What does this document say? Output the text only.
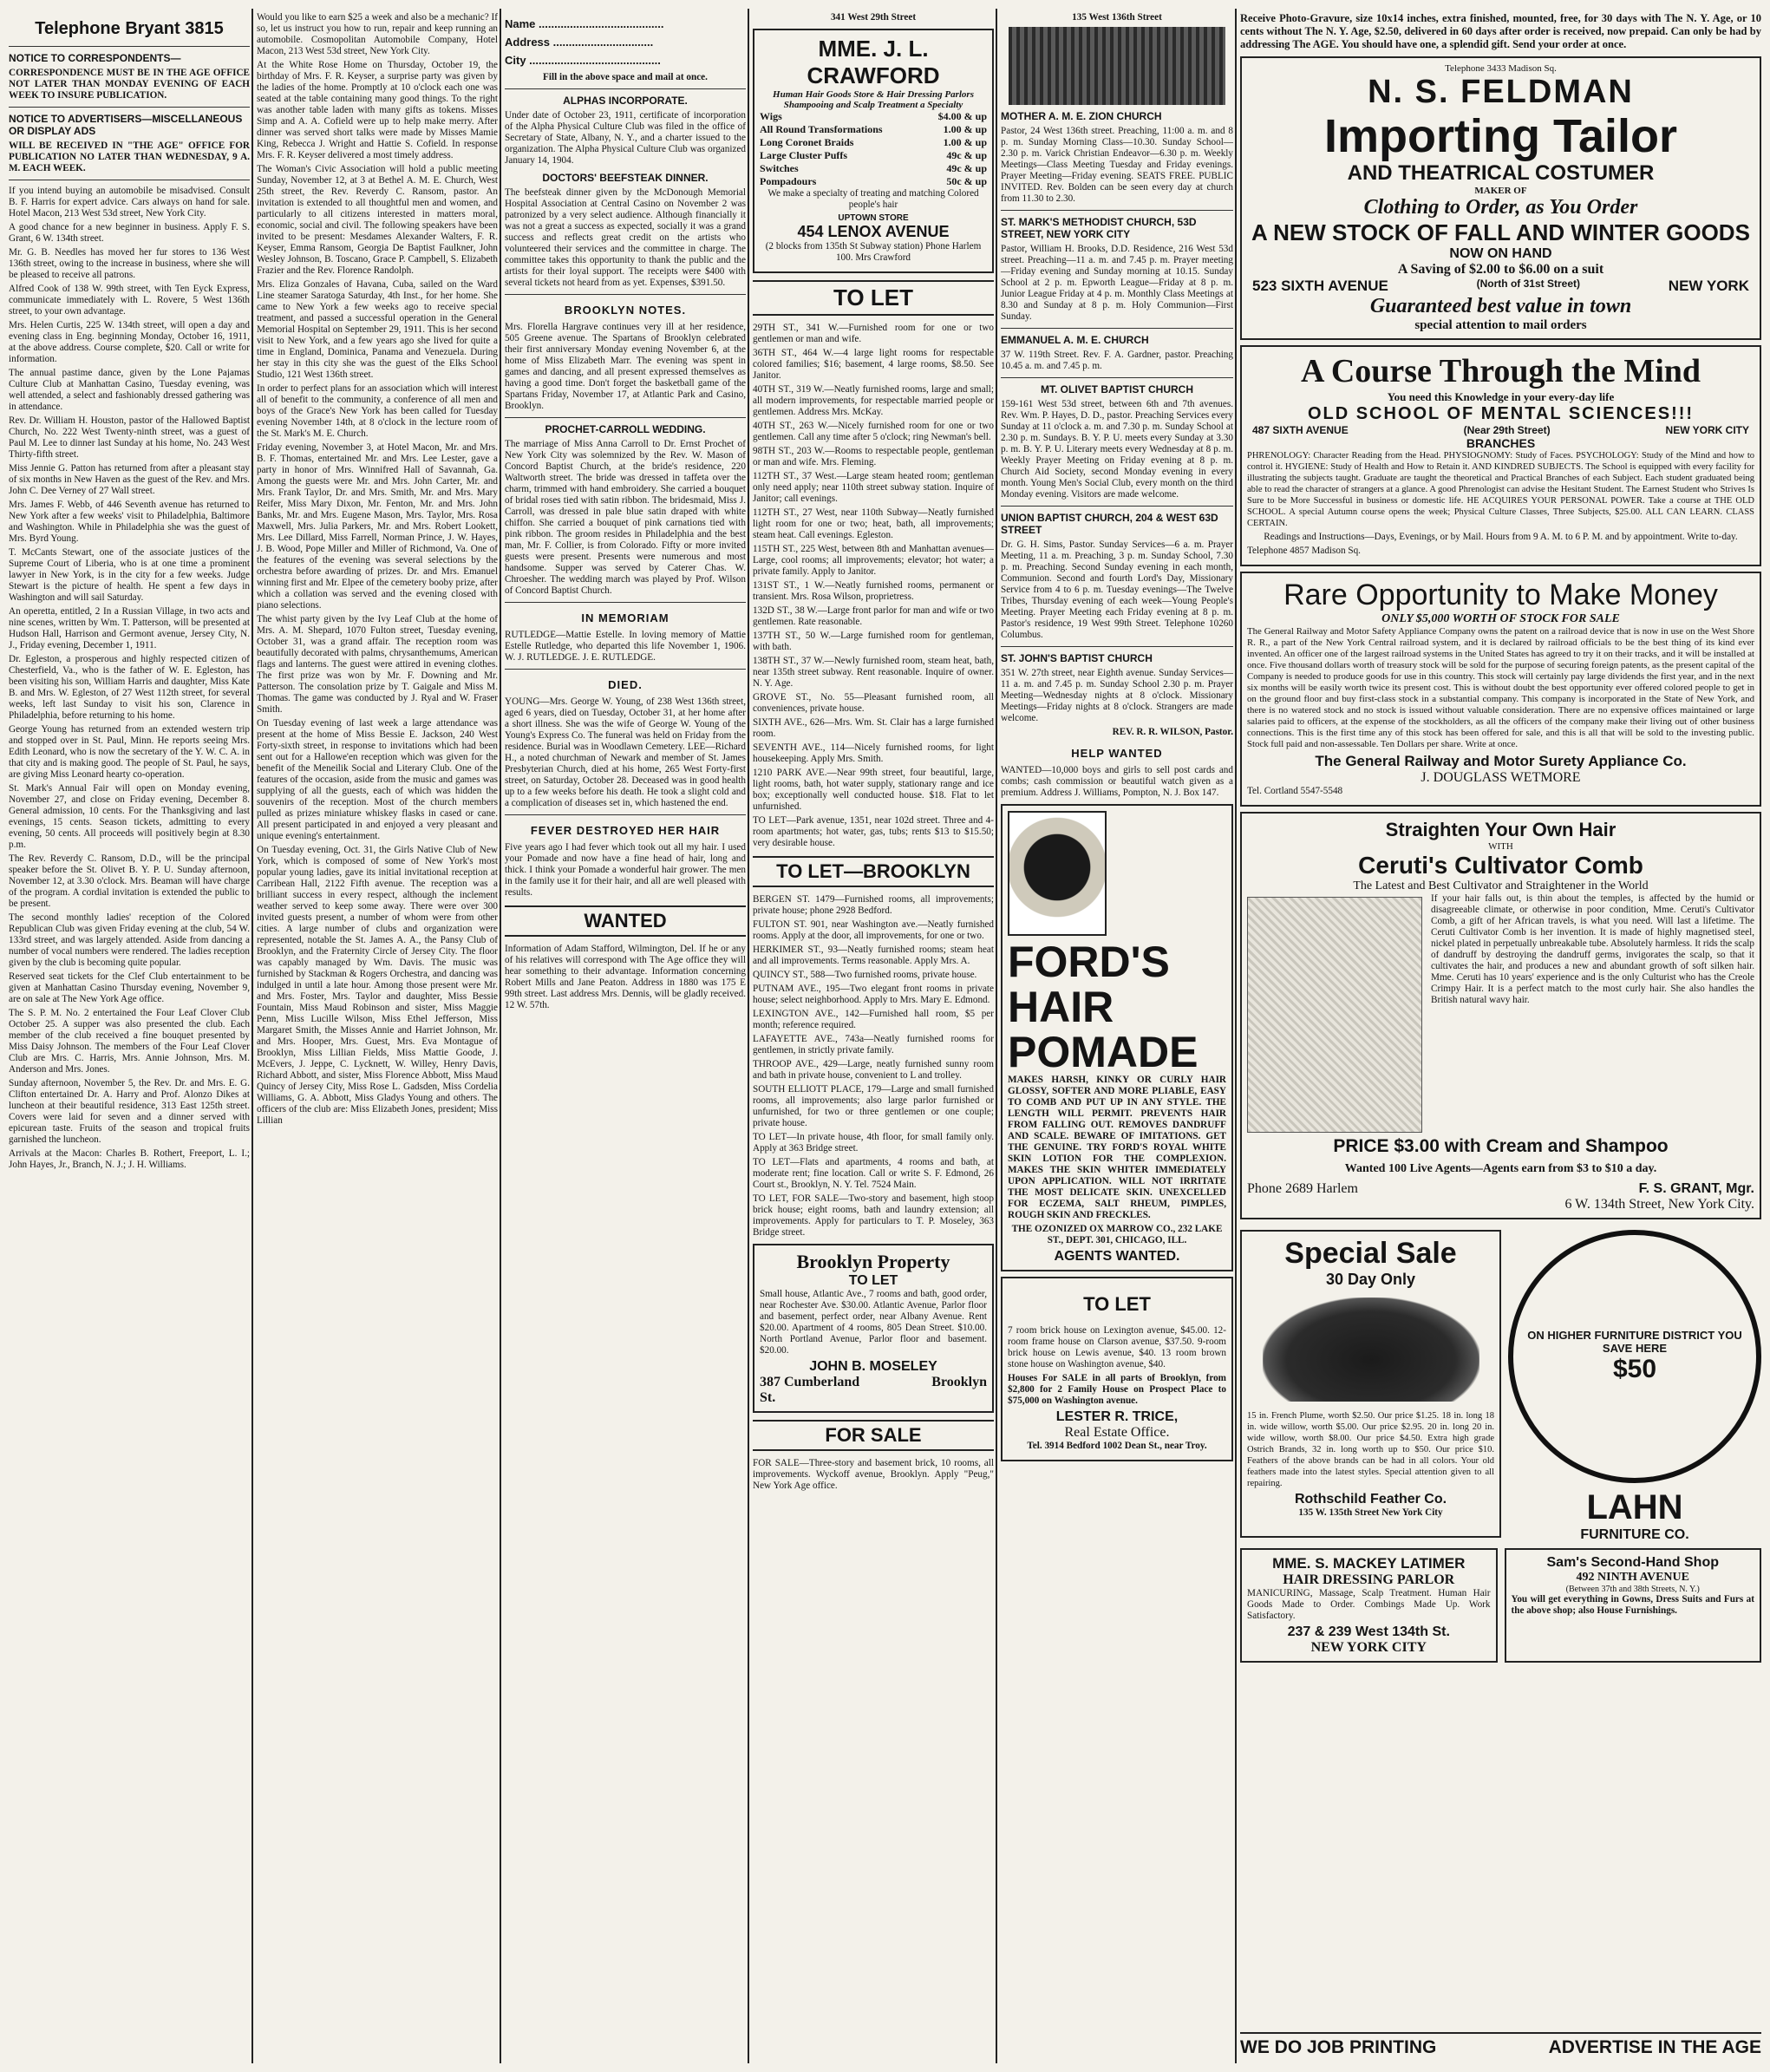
Telephone Bryant 3815
NOTICE TO CORRESPONDENTS—

CORRESPONDENCE MUST BE IN THE AGE OFFICE NOT LATER THAN MONDAY EVENING OF EACH WEEK TO INSURE PUBLICATION.

NOTICE TO ADVERTISERS—MISCELLANEOUS OR DISPLAY ADS

WILL BE RECEIVED IN "THE AGE" OFFICE FOR PUBLICATION NO LATER THAN WEDNESDAY, 9 A. M. EACH WEEK.

If you intend buying an automobile be misadvised. Consult B. F. Harris for expert advice. Cars always on hand for sale. Hotel Macon, 213 West 53d street, New York City.

A good chance for a new beginner in business. Apply F. S. Grant, 6 W. 134th street.

Mr. G. B. Needles has moved her fur stores to 136 West 136th street, owing to the increase in business, where she will be pleased to receive all patrons.

Alfred Cook of 138 W. 99th street, with Ten Eyck Express, communicate immediately with L. Rovere, 5 West 136th street, to your own advantage.

Mrs. Helen Curtis, 225 W. 134th street, will open a day and evening class in Eng. beginning Monday, October 16, 1911, at the above address. Course complete, $20. Call or write for information.

The annual pastime dance, given by the Lone Pajamas Culture Club at Manhattan Casino, Tuesday evening, was well attended, a select and fashionably dressed gathering was in attendance.

Rev. Dr. William H. Houston, pastor of the Hallowed Baptist Church, No. 222 West Twenty-ninth street, was a guest of Paul M. Lee to dinner last Sunday at his home, No. 243 West Thirty-fifth street.

Miss Jennie G. Patton has returned from after a pleasant stay of six months in New Haven as the guest of the Rev. and Mrs. John C. Dee Verney of 27 Wall street.

Mrs. James F. Webb, of 446 Seventh avenue has returned to New York after a few weeks' visit to Philadelphia, Baltimore and Washington. While in Philadelphia she was the guest of Mrs. Byrd Young.

T. McCants Stewart, one of the associate justices of the Supreme Court of Liberia, who is at one time a prominent lawyer in New York, is in the city for a few weeks. Judge Stewart is the picture of health. He spent a few days in Washington and will sail Saturday.

An operetta, entitled, 2 In a Russian Village, in two acts and nine scenes, written by Wm. T. Patterson, will be presented at Hudson Hall, Harrison and Germont avenue, Jersey City, N. J., Friday evening, December 1, 1911.

Dr. Egleston, a prosperous and highly respected citizen of Chesterfield, Va., who is the father of W. E. Egleston, has been visiting his son, William Harris and daughter, Miss Kate B. and Mrs. W. Egleston, of 27 West 112th street, for several weeks, left last Sunday to visit his son, Clarence in Philadelphia, before returning to his home.

George Young has returned from an extended western trip and stopped over in St. Paul, Minn. He reports seeing Mrs. Edith Leonard, who is now the secretary of the Y. W. C. A. in that city and is making good. The people of St. Paul, he says, are giving Miss Leonard hearty co-operation.

St. Mark's Annual Fair will open on Monday evening, November 27, and close on Friday evening, December 8. General admission, 10 cents. For the Thanksgiving and last evenings, 15 cents. Season tickets, admitting to every evening, 50 cents. All proceeds will positively begin at 8.30 p.m.

The Rev. Reverdy C. Ransom, D.D., will be the principal speaker before the St. Olivet B. Y. P. U. Sunday afternoon, November 12, at 3.30 o'clock. Mrs. Beaman will have charge of the program. A cordial invitation is extended the public to be present.

The second monthly ladies' reception of the Colored Republican Club was given Friday evening at the club, 54 W. 133rd street, and was largely attended. Aside from dancing a number of vocal numbers were rendered. The ladies reception given by the club is becoming quite popular.

Reserved seat tickets for the Clef Club entertainment to be given at Manhattan Casino Thursday evening, November 9, are on sale at The New York Age office.

The S. P. M. No. 2 entertained the Four Leaf Clover Club October 25. A supper was also presented the club. Each member of the club received a fine bouquet presented by Miss Daisy Johnson. The members of the Four Leaf Clover Club are Mrs. C. Harris, Mrs. Annie Johnson, Mrs. M. Anderson and Mrs. Jones.

Sunday afternoon, November 5, the Rev. Dr. and Mrs. E. G. Clifton entertained Dr. A. Harry and Prof. Alonzo Dikes at luncheon at their beautiful residence, 313 East 125th street. Covers were laid for seven and a dinner served with epicurean taste. Fruits of the season and tropical fruits garnished the luncheon.

Arrivals at the Macon: Charles B. Rothert, Freeport, L. I.; John Hayes, Jr., Branch, N. J.; J. H. Williams.

Would you like to earn $25 a week and also be a mechanic? If so, let us instruct you how to run, repair and keep running an automobile. Cosmopolitan Automobile Company, Hotel Macon, 213 West 53d street, New York City.

At the White Rose Home on Thursday, October 19, the birthday of Mrs. F. R. Keyser, a surprise party was given by the ladies of the home. Promptly at 10 o'clock each one was seated at the table containing many good things. To the right was another table laden with many gifts as tokens. Misses Simp and A. A. Cofield were up to help make merry. After dinner was served short talks were made by Misses Mamie King, Rebecca J. Wright and Hattie S. Cofield. In response Mrs. F. R. Keyser delivered a most timely address.

The Woman's Civic Association will hold a public meeting Sunday, November 12, at 3 at Bethel A. M. E. Church, West 25th street, the Rev. Reverdy C. Ransom, pastor. An invitation is extended to all thoughtful men and women, and particularly to all citizens interested in matters moral, economic, social and civil. The following speakers have been invited to be present: Mesdames Alexander Walters, F. R. Keyser, Emma Ransom, Georgia De Baptist Faulkner, John Wesley Johnson, B. Toscano, Grace P. Campbell, S. Elizabeth Frazier and the Rev. Florence Randolph.

Mrs. Eliza Gonzales of Havana, Cuba, sailed on the Ward Line steamer Saratoga Saturday, 4th Inst., for her home. She came to New York a few weeks ago to receive special treatment, and passed a successful operation in the General Memorial Hospital on September 29, 1911. This is her second visit to New York, and a few years ago she lived for quite a time in England, Dominica, Panama and Venezuela. During her stay in this city she was the guest of the Elks School Studio, 121 West 136th street.

In order to perfect plans for an association which will interest all of benefit to the community, a conference of all men and boys of the Grace's New York has been called for Tuesday evening November 14th, at 8 o'clock in the lecture room of the St. Mark's M. E. Church.

Friday evening, November 3, at Hotel Macon, Mr. and Mrs. B. F. Thomas, entertained Mr. and Mrs. Lee Lester, gave a party in honor of Mrs. Winnifred Hall of Savannah, Ga. Among the guests were Mr. and Mrs. John Carter, Mr. and Mrs. Frank Taylor, Dr. and Mrs. Smith, Mr. and Mrs. Mary Reifer, Miss Mary Dixon, Mr. Fenton, Mr. and Mrs. John Banks, Mr. and Mrs. Eugene Mason, Mrs. Taylor, Mrs. Rosa Maxwell, Mrs. Julia Parkers, Mr. and Mrs. Robert Lookett, Mrs. Lee Dillard, Miss Farrell, Norman Prince, J. W. Hayes, J. B. Wood, Pope Miller and Miller of Richmond, Va. One of the features of the evening was several selections by the orchestra before awarding of prizes. Dr. and Mrs. Emanuel winning first and Mr. Elpee of the cemetery booby prize, after which a collation was served and the evening closed with piano selections.

The whist party given by the Ivy Leaf Club at the home of Mrs. A. M. Shepard, 1070 Fulton street, Tuesday evening, October 31, was a grand affair. The reception room was beautifully decorated with palms, chrysanthemums, American flags and lanterns. The guest were attired in evening clothes. The first prize was won by Mr. F. Downing and Mr. Patterson. The consolation prize by T. Gaigale and Miss M. Thomas. The game was conducted by J. Ryal and W. Fraser Smith.

On Tuesday evening of last week a large attendance was present at the home of Miss Bessie E. Jackson, 240 West Forty-sixth street, in response to invitations which had been sent out for a Hallowe'en reception which was given for the benefit of the Meneilik Social and Literary Club. One of the features of the occasion, aside from the music and games was supplying of all the guests, each of which was hidden the souvenirs of the reception. Most of the church members pulled as prizes miniature whiskey flasks in cased or cane. All present participated in and enjoyed a very pleasant and unique evening's entertainment.

On Tuesday evening, Oct. 31, the Girls Native Club of New York, which is composed of some of New York's most popular young ladies, gave its initial invitational reception at Carribean Hall, 2122 Fifth avenue. The reception was a brilliant success in every respect, although the inclement weather served to keep some away. There were over 300 invited guests present, a number of whom were from other cities. A large number of clubs and organization were represented, notable the St. James A. A., the Pansy Club of Brooklyn, and the Fraternity Circle of Jersey City. The floor was capably managed by Wm. Davis. The music was furnished by Stackman & Rogers Orchestra, and dancing was indulged in until a late hour. Among those present were Mr. and Mrs. Foster, Mrs. Taylor and daughter, Miss Bessie Fountain, Miss Maud Robinson and sister, Miss Maggie Penn, Miss Lucille Wilson, Miss Ethel Jefferson, Miss Margaret Smith, the Misses Annie and Harriet Johnson, Mr. and Mrs. Hooper, Mrs. Guest, Mrs. Eva Montague of Brooklyn, Miss Lillian Fields, Miss Mattie Goode, J. McEvers, J. Jeppe, C. Lycknett, W. Willey, Henry Davis, Richard Abbott, and sister, Miss Florence Abbott, Miss Maud Quincy of Jersey City, Miss Rose L. Gadsden, Miss Cordelia Williams, G. A. Abbott, Miss Gladys Young and others. The officers of the club are: Miss Elizabeth Jones, president; Miss Lillian

Name ........................................
Address ................................
City ..........................................

Fill in the above space and mail at once.

ALPHAS INCORPORATE.

Under date of October 23, 1911, certificate of incorporation of the Alpha Physical Culture Club was filed in the office of Secretary of State, Albany, N. Y., and a charter issued to the organization. The Alpha Physical Culture Club was organized January 14, 1904.

DOCTORS' BEEFSTEAK DINNER.

The beefsteak dinner given by the McDonough Memorial Hospital Association at Central Casino on November 2 was patronized by a very select audience. Although financially it was not a great a success as expected, socially it was a grand success and reflects great credit on the artists who volunteered their services and the committee in charge. The committee takes this opportunity to thank the public and the artists for their loyal support. The receipts were $400 with several tickets not heard from as yet. Expenses, $391.50.

BROOKLYN NOTES.

Mrs. Florella Hargrave continues very ill at her residence, 505 Greene avenue. The Spartans of Brooklyn celebrated their first anniversary Monday evening November 6, at the home of Miss Elizabeth Marr. The evening was spent in games and dancing, and all present expressed themselves as having a good time. Don't forget the basketball game of the Spartans Friday, November 17, at Atlantic Park and Casino, Brooklyn.

PROCHET-CARROLL WEDDING.

The marriage of Miss Anna Carroll to Dr. Ernst Prochet of New York City was solemnized by the Rev. W. Mason of Concord Baptist Church, at the bride's residence, 220 Waltworth street. The bride was dressed in taffeta over the charm, trimmed with hand embroidery. She carried a bouquet of bridal roses tied with satin ribbon. The bridesmaid, Miss J. Carroll, was dressed in pale blue satin draped with white chiffon. She carried a bouquet of pink carnations tied with pink ribbon. The groom resides in Philadelphia and the best man, Mr. F. Collier, is from Colorado. Fifty or more invited guests were present. Presents were numerous and most handsome. Supper was served by Caterer Chas. W. Chroesher. The wedding march was played by Prof. Wilson of Concord Baptist Church.

IN MEMORIAM

RUTLEDGE—Mattie Estelle. In loving memory of Mattie Estelle Rutledge, who departed this life November 1, 1906. W. J. RUTLEDGE. J. E. RUTLEDGE.

DIED.

YOUNG—Mrs. George W. Young, of 238 West 136th street, aged 6 years, died on Tuesday, October 31, at her home after a short illness. She was the wife of George W. Young of the Young's Express Co. The funeral was held on Friday from the residence. Burial was in Woodlawn Cemetery. LEE—Richard H., a noted churchman of Newark and member of St. James Presbyterian Church, died at his home, 265 West Forty-first street, on Saturday, October 28. Deceased was in good health up to a few weeks before his death. He took a slight cold and a complication of diseases set in, which hastened the end.

FEVER DESTROYED HER HAIR

Five years ago I had fever which took out all my hair. I used your Pomade and now have a fine head of hair, long and thick. I think your Pomade a wonderful hair grower. The men in the family use it for their hair, and all are well pleased with results.

WANTED

Information of Adam Stafford, Wilmington, Del. If he or any of his relatives will correspond with The Age office they will hear something to their advantage. Information concerning Robert Mills and Jane Peaton. Address in 1880 was 175 E 99th street. Last address Mrs. Dennis, will be gladly received. 12 W. 57th.

341 West 29th Street

MME. J. L. CRAWFORD
Human Hair Goods Store & Hair Dressing Parlors
Shampooing and Scalp Treatment a Specialty
Wigs	$4.00 & up
All Round Transformations	1.00 & up
Long Coronet Braids	1.00 & up
Large Cluster Puffs	49c & up
Switches	49c & up
Pompadours	50c & up

We make a specialty of treating and matching Colored people's hair

UPTOWN STORE
454 LENOX AVENUE

(2 blocks from 135th St Subway station) Phone Harlem 100. Mrs Crawford

TO LET

29TH ST., 341 W.—Furnished room for one or two gentlemen or man and wife.

36TH ST., 464 W.—4 large light rooms for respectable colored families; $16; basement, 4 large rooms, $8.50. See Janitor.

40TH ST., 319 W.—Neatly furnished rooms, large and small; all modern improvements, for respectable married people or gentlemen. Address Mrs. McKay.

40TH ST., 263 W.—Nicely furnished room for one or two gentlemen. Call any time after 5 o'clock; ring Newman's bell.

98TH ST., 203 W.—Rooms to respectable people, gentleman or man and wife. Mrs. Fleming.

112TH ST., 37 West.—Large steam heated room; gentleman only need apply; near 110th street subway station. Inquire of Janitor; call evenings.

112TH ST., 27 West, near 110th Subway—Neatly furnished light room for one or two; heat, bath, all improvements; steam heat. Call evenings. Egleston.

115TH ST., 225 West, between 8th and Manhattan avenues—Large, cool rooms; all improvements; elevator; hot water; a private family. Apply to Janitor.

131ST ST., 1 W.—Neatly furnished rooms, permanent or transient. Mrs. Rosa Wilson, proprietress.

132D ST., 38 W.—Large front parlor for man and wife or two gentlemen. Rate reasonable.

137TH ST., 50 W.—Large furnished room for gentleman, with bath.

138TH ST., 37 W.—Newly furnished room, steam heat, bath, near 135th street subway. Rent reasonable. Inquire of owner. N. Y. Age.

GROVE ST., No. 55—Pleasant furnished room, all conveniences, private house.

SIXTH AVE., 626—Mrs. Wm. St. Clair has a large furnished room.

SEVENTH AVE., 114—Nicely furnished rooms, for light housekeeping. Apply Mrs. Smith.

1210 PARK AVE.—Near 99th street, four beautiful, large, light rooms, bath, hot water supply, stationary range and ice box; exceptionally well conducted house. $18. Flat to let unfurnished.

TO LET—Park avenue, 1351, near 102d street. Three and 4-room apartments; hot water, gas, tubs; rents $13 to $15.50; very desirable house.

TO LET—BROOKLYN

BERGEN ST. 1479—Furnished rooms, all improvements; private house; phone 2928 Bedford.

FULTON ST. 901, near Washington ave.—Neatly furnished rooms. Apply at the door, all improvements, for one or two.

HERKIMER ST., 93—Neatly furnished rooms; steam heat and all improvements. Terms reasonable. Apply Mrs. A.

QUINCY ST., 588—Two furnished rooms, private house.

PUTNAM AVE., 195—Two elegant front rooms in private house; select neighborhood. Apply to Mrs. Mary E. Edmond.

LEXINGTON AVE., 142—Furnished hall room, $5 per month; reference required.

LAFAYETTE AVE., 743a—Neatly furnished rooms for gentlemen, in strictly private family.

THROOP AVE., 429—Large, neatly furnished sunny room and bath in private house, convenient to L and trolley.

SOUTH ELLIOTT PLACE, 179—Large and small furnished rooms, all improvements; also large parlor furnished or unfurnished, for two or three gentlemen or one couple; private house.

TO LET—In private house, 4th floor, for small family only. Apply at 363 Bridge street.

TO LET—Flats and apartments, 4 rooms and bath, at moderate rent; fine location. Call or write S. F. Edmond, 26 Court st., Brooklyn, N. Y. Tel. 7524 Main.

TO LET, FOR SALE—Two-story and basement, high stoop brick house; eight rooms, bath and laundry extension; all improvements. Apply for particulars to T. P. Moseley, 363 Bridge street.

Brooklyn Property
TO LET

Small house, Atlantic Ave., 7 rooms and bath, good order, near Rochester Ave. $30.00. Atlantic Avenue, Parlor floor and basement, perfect order, near Albany Avenue. Rent $20.00. Apartment of 4 rooms, 805 Dean Street. $10.00. North Portland Avenue, Parlor floor and basement. $20.00.

JOHN B. MOSELEY
387 Cumberland St.
Brooklyn
FOR SALE

FOR SALE—Three-story and basement brick, 10 rooms, all improvements. Wyckoff avenue, Brooklyn. Apply "Peug," New York Age office.

135 West 136th Street

MOTHER A. M. E. ZION CHURCH

Pastor, 24 West 136th street. Preaching, 11:00 a. m. and 8 p. m. Sunday Morning Class—10.30. Sunday School—2.30 p. m. Varick Christian Endeavor—6.30 p. m. Weekly Meetings—Class Meeting Tuesday and Friday evenings. Prayer Meeting—Friday evening. SEATS FREE. PUBLIC INVITED. Rev. Bolden can be seen every day at church from 11.30 to 2.30.

ST. MARK'S METHODIST CHURCH, 53D STREET, NEW YORK CITY

Pastor, William H. Brooks, D.D. Residence, 216 West 53d street. Preaching—11 a. m. and 7.45 p. m. Prayer meeting—Friday evening and Sunday morning at 10.15. Sunday School at 2 p. m. Epworth League—Friday at 8 p. m. Junior League Friday at 4 p. m. Monthly Class Meetings at 8.30 and Sunday at 8 p. m. Holy Communion—First Sunday.

EMMANUEL A. M. E. CHURCH

37 W. 119th Street. Rev. F. A. Gardner, pastor. Preaching 10.45 a. m. and 7.45 p. m.

MT. OLIVET BAPTIST CHURCH

159-161 West 53d street, between 6th and 7th avenues. Rev. Wm. P. Hayes, D. D., pastor. Preaching Services every Sunday at 11 o'clock a. m. and 7.30 p. m. Sunday School at 2.30 p. m. Sundays. B. Y. P. U. meets every Sunday at 3.30 p. m. B. Y. P. U. Literary meets every Wednesday at 8 p. m. Weekly Prayer Meeting on Friday evening at 8 p. m. Church Aid Society, second Monday evening in every month. Young Men's Social Club, every month on the third Monday evening. Visitors are made welcome.

UNION BAPTIST CHURCH, 204 & WEST 63D STREET

Dr. G. H. Sims, Pastor. Sunday Services—6 a. m. Prayer Meeting, 11 a. m. Preaching, 3 p. m. Sunday School, 7.30 p. m. Preaching. Second Sunday evening in each month, Communion. Second and fourth Lord's Day, Missionary Service from 4 to 6 p. m. Tuesday evenings—The Twelve Tribes, Thursday evening of each week—Young People's Meeting. Prayer Meeting each Friday evening at 8 p. m. Pastor's residence, 19 West 99th Street. Telephone 10260 Columbus.

ST. JOHN'S BAPTIST CHURCH

351 W. 27th street, near Eighth avenue. Sunday Services—11 a. m. and 7.45 p. m. Sunday School 2.30 p. m. Prayer Meeting—Wednesday nights at 8 o'clock. Missionary Meetings—Friday nights at 8 o'clock. Strangers are made welcome.

REV. R. R. WILSON, Pastor.

HELP WANTED

WANTED—10,000 boys and girls to sell post cards and combs; cash commission or beautiful watch given as a premium. Address J. Williams, Pompton, N. J. Box 147.

FORD'S HAIR POMADE

MAKES HARSH, KINKY OR CURLY HAIR GLOSSY, SOFTER AND MORE PLIABLE, EASY TO COMB AND PUT UP IN ANY STYLE. THE LENGTH WILL PERMIT. PREVENTS HAIR FROM FALLING OUT. REMOVES DANDRUFF AND SCALE. BEWARE OF IMITATIONS. GET THE GENUINE. TRY FORD'S ROYAL WHITE SKIN LOTION FOR THE COMPLEXION. MAKES THE SKIN WHITER IMMEDIATELY UPON APPLICATION. WILL NOT IRRITATE THE MOST DELICATE SKIN. UNEXCELLED FOR ECZEMA, SALT RHEUM, PIMPLES, ROUGH SKIN AND FRECKLES.

THE OZONIZED OX MARROW CO., 232 LAKE ST., DEPT. 301, CHICAGO, ILL.

AGENTS WANTED.
TO LET

7 room brick house on Lexington avenue, $45.00. 12-room frame house on Clarson avenue, $37.50. 9-room brick house on Lewis avenue, $40. 13 room brown stone house on Washington avenue, $40.

Houses For SALE in all parts of Brooklyn, from $2,800 for 2 Family House on Prospect Place to $75,000 on Washington avenue.

LESTER R. TRICE,
Real Estate Office.

Tel. 3914 Bedford 1002 Dean St., near Troy.

Receive Photo-Gravure, size 10x14 inches, extra finished, mounted, free, for 30 days with The N. Y. Age, or 10 cents without The N. Y. Age, $2.50, delivered in 60 days after order is received, now prepaid. Can only be had by addressing The AGE. You should have one, a splendid gift. Send your order at once.

Telephone 3433 Madison Sq.
N. S. FELDMAN
Importing Tailor
AND THEATRICAL COSTUMER
MAKER OF
Clothing to Order, as You Order
A NEW STOCK OF FALL AND WINTER GOODS
NOW ON HAND
A Saving of $2.00 to $6.00 on a suit
523 SIXTH AVENUE	(North of 31st Street)	NEW YORK
Guaranteed best value in town
special attention to mail orders
A Course Through the Mind
You need this Knowledge in your every-day life
OLD SCHOOL OF MENTAL SCIENCES!!!
487 SIXTH AVENUE	(Near 29th Street)	NEW YORK CITY
BRANCHES

PHRENOLOGY: Character Reading from the Head. PHYSIOGNOMY: Study of Faces. PSYCHOLOGY: Study of the Mind and how to control it. HYGIENE: Study of Health and How to Retain it. AND KINDRED SUBJECTS. The School is equipped with every facility for illustrating the subjects taught. Graduate are taught the theoretical and Practical Branches of each Subject. Each student graduated being able to read the character of strangers at a glance. A good Phrenologist can advise the Hesitant Student. The Earnest Student who Strives Is Sure to be More Successful in business or domestic life. HE ACQUIRES YOUR PERSONAL POWER. Take a course at THE OLD SCHOOL. A special Autumn course opens the week; Physical Culture Classes, Three Subjects, $25.00. ALL CAN LEARN. CLASS CERTAIN.

Readings and Instructions—Days, Evenings, or by Mail. Hours from 9 A. M. to 6 P. M. and by appointment. Write to-day.

Telephone 4857 Madison Sq.

Rare Opportunity to Make Money
ONLY $5,000 WORTH OF STOCK FOR SALE

The General Railway and Motor Safety Appliance Company owns the patent on a railroad device that is now in use on the West Shore R. R., a part of the New York Central railroad system, and it is declared by railroad officials to be the best thing of its kind ever invented. An officer one of the largest railroad systems in the United States has agreed to try it on their tracks, and it will be installed at once. Five thousand dollars worth of treasury stock will be sold for the purpose of securing foreign patents, as the present capital of the Company is needed to produce goods for use in this country. This stock will certainly pay large dividends the first year, and in the next six months will be easily worth twice its present cost. This is without doubt the best opportunity ever offered colored people to get in on the ground floor and buy first-class stock in a substantial company. This company is incorporated in the State of New York, and there is no watered stock and no stock is issued without valuable consideration. There are no expensive offices maintained or large salaries paid to officers, at the expense of the stockholders, as all the officers of the company make their living out of other business connections. This is the first time any of this stock has been offered for sale, and this is all that will be sold to the investing public. Stock full paid and non-assessable. Ten Dollars per share. Write at once.

The General Railway and Motor Surety Appliance Co.
J. DOUGLASS WETMORE

Tel. Cortland 5547-5548

Straighten Your Own Hair
WITH
Ceruti's Cultivator Comb
The Latest and Best Cultivator and Straightener in the World

If your hair falls out, is thin about the temples, is affected by the humid or disagreeable climate, or otherwise in poor condition, Mme. Ceruti's Cultivator Comb, a gift of her African travels, is what you need. Will last a lifetime. The Ceruti Cultivator Comb is her invention. It is made of highly magnetised steel, nickel plated in perpetually unbreakable tube. Absolutely harmless. It rids the scalp of dandruff by destroying the dandruff germs, invigorates the scalp, so that it cultivates the hair, and produces a new and abundant growth of soft silken hair. Mme. Ceruti has 10 years' experience and is the only Culturist who has the Creole Crimpy Hair. It is a perfect match to the most curly hair. She also handles the British natural wavy hair.

PRICE $3.00 with Cream and Shampoo
Wanted 100 Live Agents—Agents earn from $3 to $10 a day.
Phone 2689 Harlem	F. S. GRANT, Mgr.
6 W. 134th Street, New York City.
Special Sale
30 Day Only

15 in. French Plume, worth $2.50. Our price $1.25. 18 in. long 18 in. wide willow, worth $5.00. Our price $2.95. 20 in. long 20 in. wide willow, worth $8.00. Our price $4.50. Extra high grade Ostrich Brands, 32 in. long worth up to $50. Our price $10. Feathers of the above brands can be had in all colors. Your old feathers made into the latest styles. Special attention given to all repairing.

Rothschild Feather Co.

135 W. 135th Street New York City

ON HIGHER FURNITURE DISTRICT YOU SAVE HERE
$50
LAHN
FURNITURE CO.
MME. S. MACKEY LATIMER
HAIR DRESSING PARLOR

MANICURING, Massage, Scalp Treatment. Human Hair Goods Made to Order. Combings Made Up. Work Satisfactory.

237 & 239 West 134th St.
NEW YORK CITY
Sam's Second-Hand Shop
492 NINTH AVENUE
(Between 37th and 38th Streets, N. Y.)

You will get everything in Gowns, Dress Suits and Furs at the above shop; also House Furnishings.

WE DO JOB PRINTING	ADVERTISE IN THE AGE
